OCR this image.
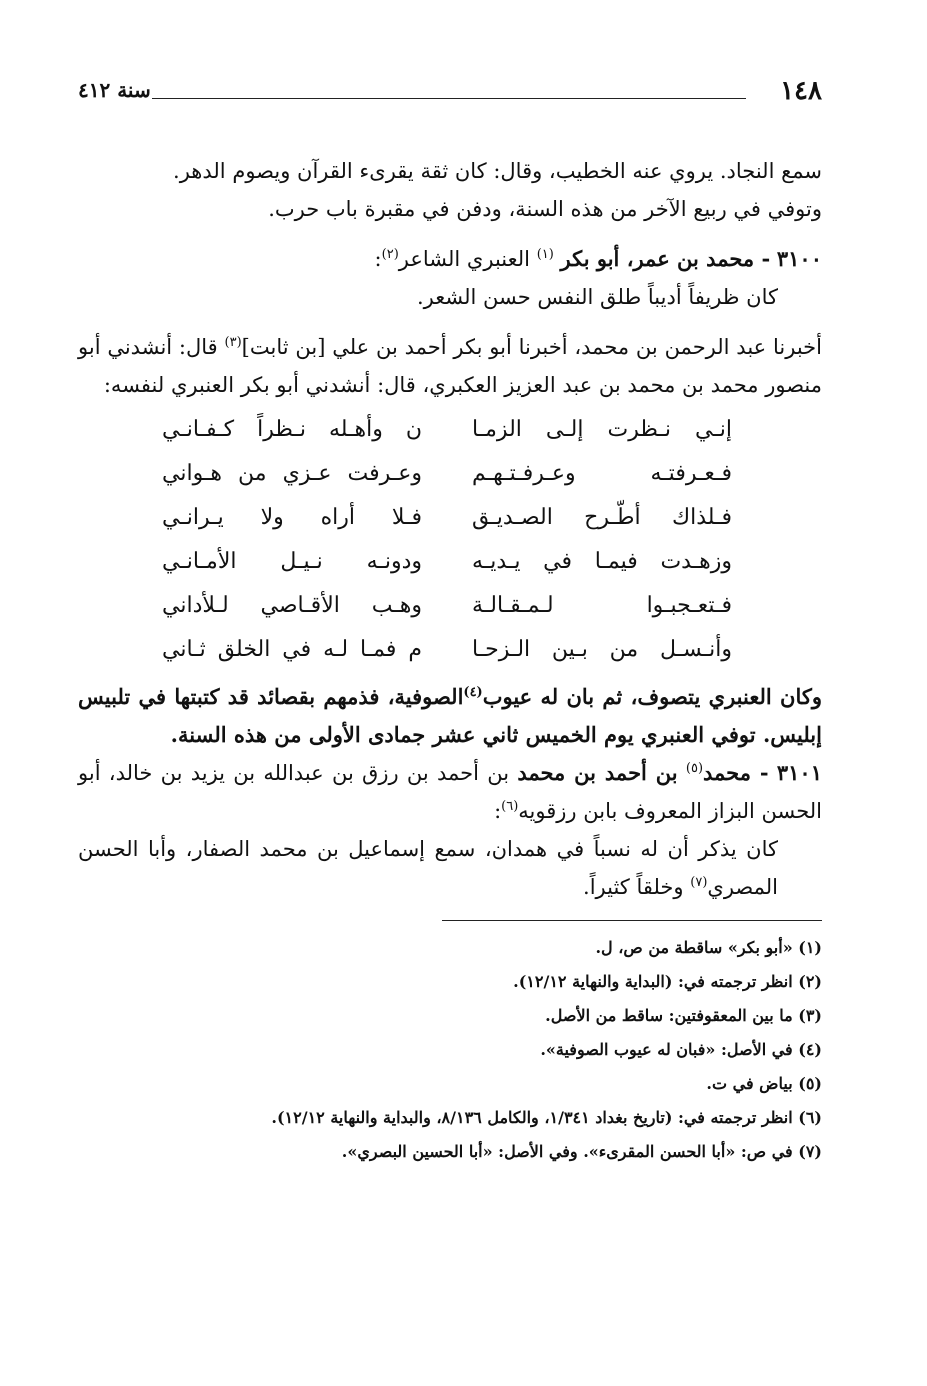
١٤٨
سنة ٤١٢

سمع النجاد. يروي عنه الخطيب، وقال: كان ثقة يقرىء القرآن ويصوم الدهر.

وتوفي في ربيع الآخر من هذه السنة، ودفن في مقبرة باب حرب.

٣١٠٠ - محمد بن عمر، أبو بكر $^{(١)}$ العنبري الشاعر$^{(٢)}$:

كان ظريفاً أديباً طلق النفس حسن الشعر.

أخبرنا عبد الرحمن بن محمد، أخبرنا أبو بكر أحمد بن علي [بن ثابت]$^{(٣)}$ قال: أنشدني أبو منصور محمد بن محمد بن عبد العزيز العكبري، قال: أنشدني أبو بكر العنبري لنفسه:

إنـي نـظرت إلـى الزمـا
ن وأهـله نـظراً كـفـانـي
فـعـرفتـه وعـرفـتـهـم
وعـرفت عـزي من هـواني
فـلذاك أطّـرح الصـديـق
فـلا أراه ولا يـرانـي
وزهـدت فيمـا في يـديـه
ودونـه نـيـل الأمـانـي
فـتعـجبـوا لـمـقـالـة
وهـب الأقـاصي لـلأداني
وأنـسـل من بـين الـزحـا
م فمـا لـه في الخلق ثـاني

وكان العنبري يتصوف، ثم بان له عيوب$^{(٤)}$الصوفية، فذمهم بقصائد قد كتبتها في تلبيس إبليس. توفي العنبري يوم الخميس ثاني عشر جمادى الأولى من هذه السنة.

٣١٠١ - محمد$^{(٥)}$ بن أحمد بن محمد بن أحمد بن رزق بن عبدالله بن يزيد بن خالد، أبو الحسن البزاز المعروف بابن رزقويه$^{(٦)}$:

كان يذكر أن له نسباً في همدان، سمع إسماعيل بن محمد الصفار، وأبا الحسن المصري$^{(٧)}$ وخلقاً كثيراً.

(١) «أبو بكر» ساقطة من ص، ل.

(٢) انظر ترجمته في: (البداية والنهاية ١٢/١٢).

(٣) ما بين المعقوفتين: ساقط من الأصل.

(٤) في الأصل: «فبان له عيوب الصوفية».

(٥) بياض في ت.

(٦) انظر ترجمته في: (تاريخ بغداد ١/٣٤١، والكامل ٨/١٣٦، والبداية والنهاية ١٢/١٢).

(٧) في ص: «أبا الحسن المقرىء». وفي الأصل: «أبا الحسين البصري».
